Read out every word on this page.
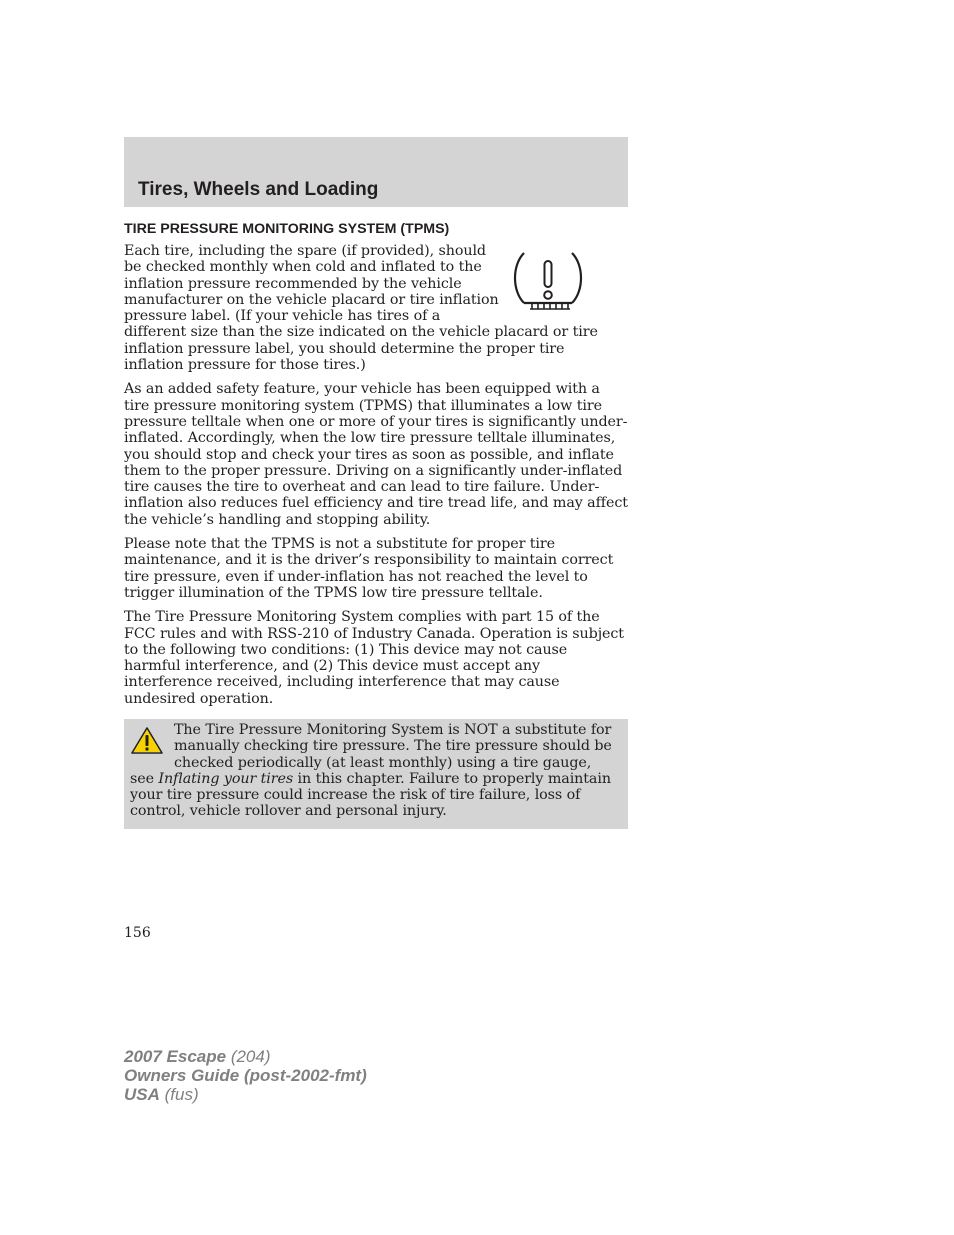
Tires, Wheels and Loading
TIRE PRESSURE MONITORING SYSTEM (TPMS)

Each tire, including the spare (if provided), should be checked monthly when cold and inflated to the inflation pressure recommended by the vehicle manufacturer on the vehicle placard or tire inflation pressure label. (If your vehicle has tires of a different size than the size indicated on the vehicle placard or tire inflation pressure label, you should determine the proper tire inflation pressure for those tires.)

As an added safety feature, your vehicle has been equipped with a tire pressure monitoring system (TPMS) that illuminates a low tire pressure telltale when one or more of your tires is significantly under-inflated. Accordingly, when the low tire pressure telltale illuminates, you should stop and check your tires as soon as possible, and inflate them to the proper pressure. Driving on a significantly under-inflated tire causes the tire to overheat and can lead to tire failure. Under-inflation also reduces fuel efficiency and tire tread life, and may affect the vehicle’s handling and stopping ability.

Please note that the TPMS is not a substitute for proper tire maintenance, and it is the driver’s responsibility to maintain correct tire pressure, even if under-inflation has not reached the level to trigger illumination of the TPMS low tire pressure telltale.

The Tire Pressure Monitoring System complies with part 15 of the FCC rules and with RSS-210 of Industry Canada. Operation is subject to the following two conditions: (1) This device may not cause harmful interference, and (2) This device must accept any interference received, including interference that may cause undesired operation.

The Tire Pressure Monitoring System is NOT a substitute for manually checking tire pressure. The tire pressure should be checked periodically (at least monthly) using a tire gauge, see Inflating your tires in this chapter. Failure to properly maintain your tire pressure could increase the risk of tire failure, loss of control, vehicle rollover and personal injury.

156
2007 Escape (204)
Owners Guide (post-2002-fmt)
USA (fus)
